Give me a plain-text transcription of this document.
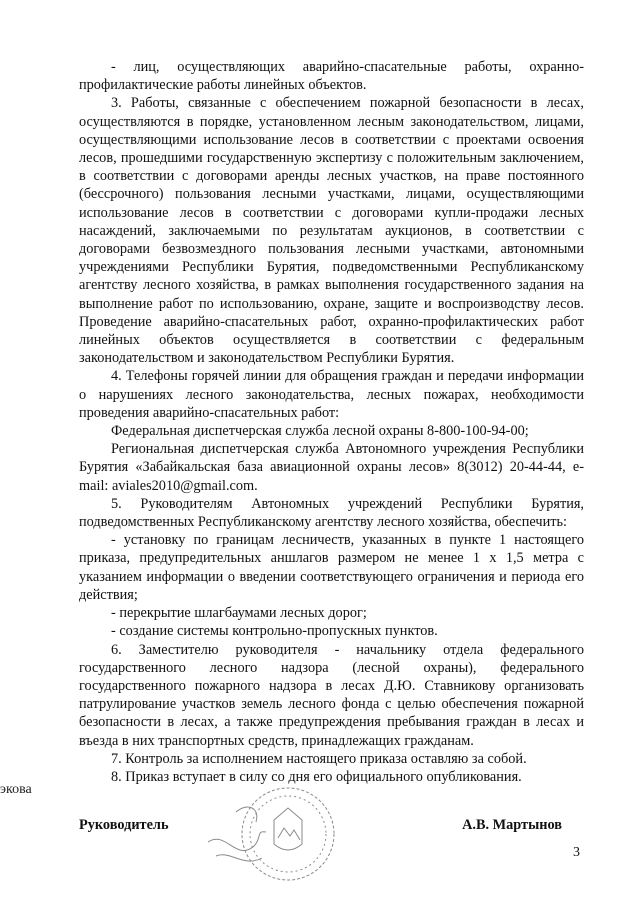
- лиц, осуществляющих аварийно-спасательные работы, охранно-профилактические работы линейных объектов.

3. Работы, связанные с обеспечением пожарной безопасности в лесах, осуществляются в порядке, установленном лесным законодательством, лицами, осуществляющими использование лесов в соответствии с проектами освоения лесов, прошедшими государственную экспертизу с положительным заключением, в соответствии с договорами аренды лесных участков, на праве постоянного (бессрочного) пользования лесными участками, лицами, осуществляющими использование лесов в соответствии с договорами купли-продажи лесных насаждений, заключаемыми по результатам аукционов, в соответствии с договорами безвозмездного пользования лесными участками, автономными учреждениями Республики Бурятия, подведомственными Республиканскому агентству лесного хозяйства, в рамках выполнения государственного задания на выполнение работ по использованию, охране, защите и воспроизводству лесов. Проведение аварийно-спасательных работ, охранно-профилактических работ линейных объектов осуществляется в соответствии с федеральным законодательством и законодательством Республики Бурятия.

4. Телефоны горячей линии для обращения граждан и передачи информации о нарушениях лесного законодательства, лесных пожарах, необходимости проведения аварийно-спасательных работ:

Федеральная диспетчерская служба лесной охраны 8-800-100-94-00;

Региональная диспетчерская служба Автономного учреждения Республики Бурятия «Забайкальская база авиационной охраны лесов» 8(3012) 20-44-44, e-mail: aviales2010@gmail.com.

5. Руководителям Автономных учреждений Республики Бурятия, подведомственных Республиканскому агентству лесного хозяйства, обеспечить:

- установку по границам лесничеств, указанных в пункте 1 настоящего приказа, предупредительных аншлагов размером не менее 1 х 1,5 метра с указанием информации о введении соответствующего ограничения и периода его действия;

- перекрытие шлагбаумами лесных дорог;

- создание системы контрольно-пропускных пунктов.

6. Заместителю руководителя - начальнику отдела федерального государственного лесного надзора (лесной охраны), федерального государственного пожарного надзора в лесах Д.Ю. Ставникову организовать патрулирование участков земель лесного фонда с целью обеспечения пожарной безопасности в лесах, а также предупреждения пребывания граждан в лесах и въезда в них транспортных средств, принадлежащих гражданам.

7. Контроль за исполнением настоящего приказа оставляю за собой.

8. Приказ вступает в силу со дня его официального опубликования.

экова
Руководитель	А.В. Мартынов
3
